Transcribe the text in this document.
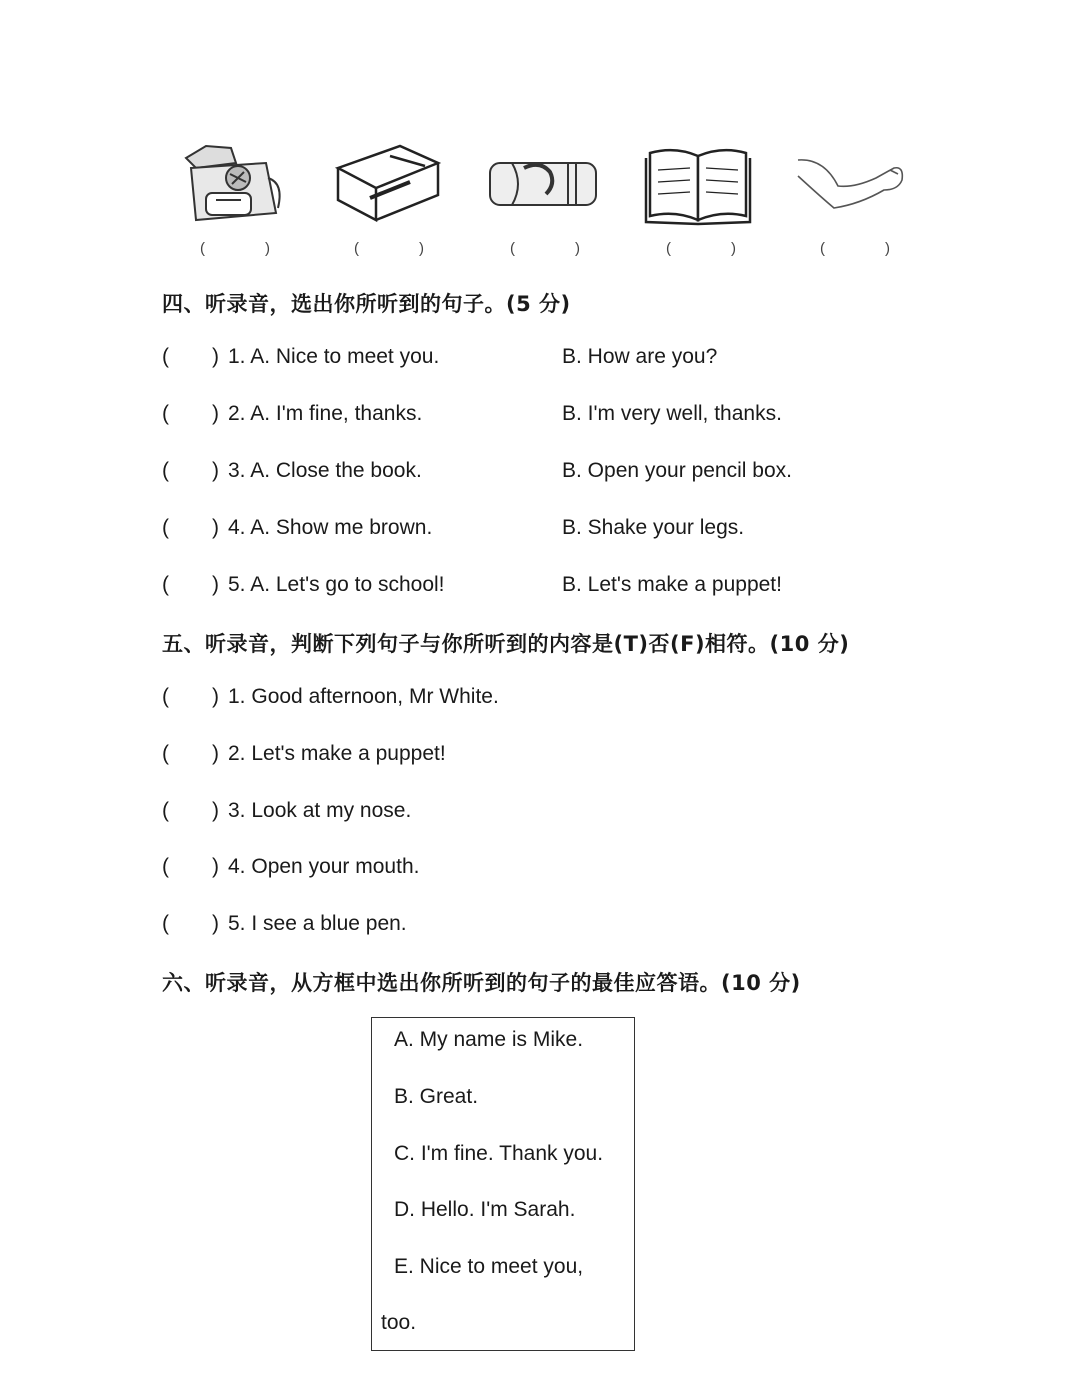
(	)	(	)	(	)	(	)	(	)
四、听录音，选出你所听到的句子。(5 分)
( ) 1. A. Nice to meet you.	B. How are you?
( ) 2. A. I'm fine, thanks.	B. I'm very well, thanks.
( ) 3. A. Close the book.	B. Open your pencil box.
( ) 4. A. Show me brown.	B. Shake your legs.
( ) 5. A. Let's go to school!	B. Let's make a puppet!
五、听录音，判断下列句子与你所听到的内容是(T)否(F)相符。(10 分)
( ) 1. Good afternoon, Mr White.
( ) 2. Let's make a puppet!
( ) 3. Look at my nose.
( ) 4. Open your mouth.
( ) 5. I see a blue pen.
六、听录音，从方框中选出你所听到的句子的最佳应答语。(10 分)
A. My name is Mike.
B. Great.
C. I'm fine. Thank you.
D. Hello. I'm Sarah.
E. Nice to meet you,
too.
